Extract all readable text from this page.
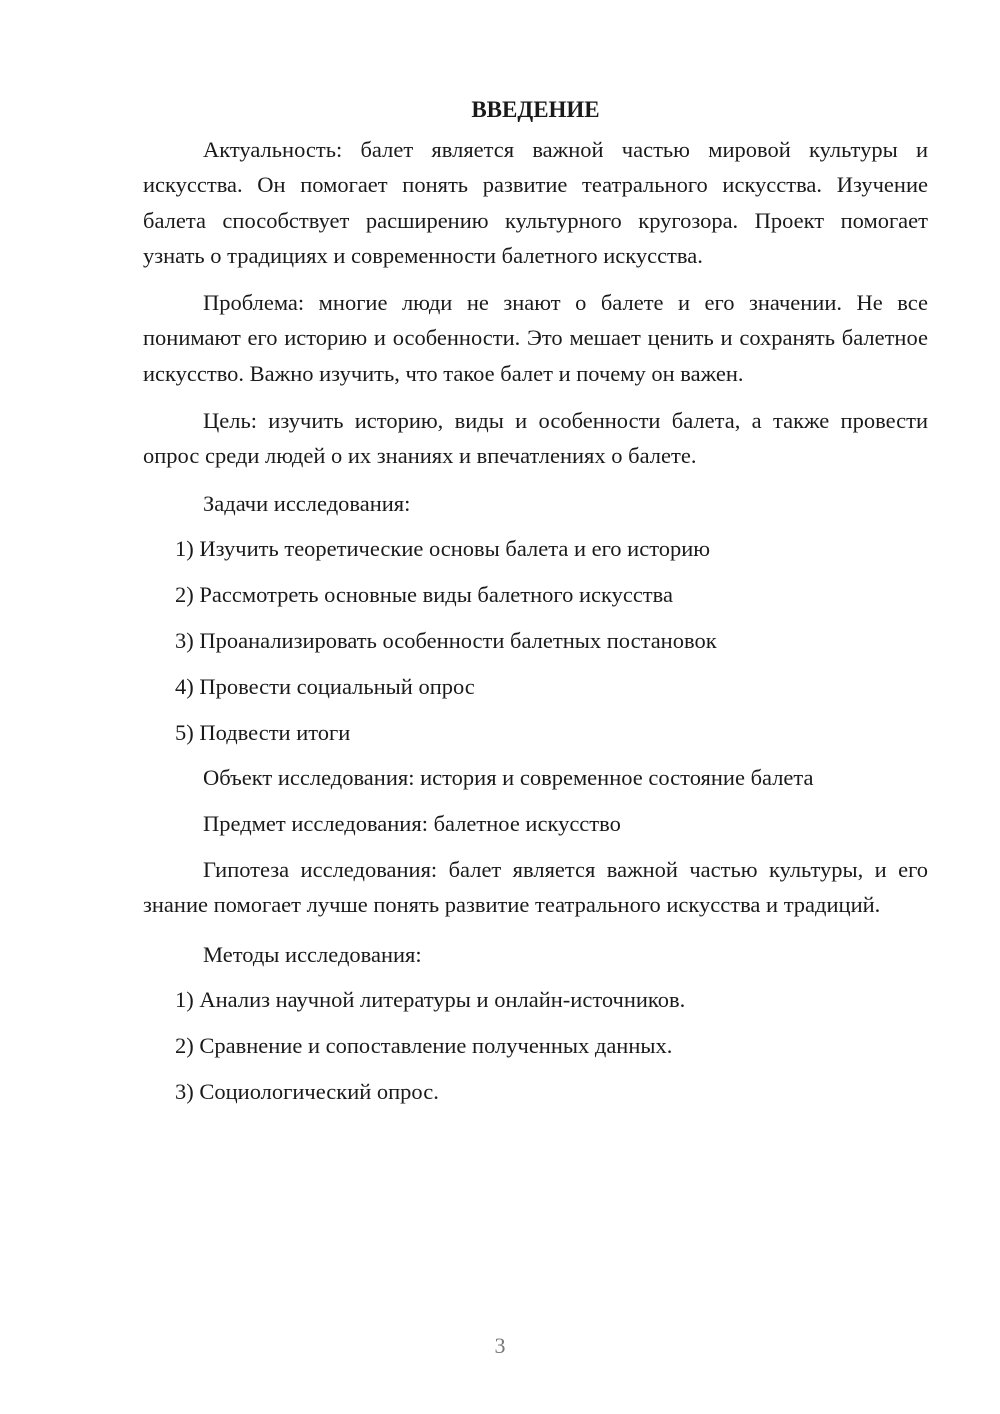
ВВЕДЕНИЕ

Актуальность: балет является важной частью мировой культуры и искусства. Он помогает понять развитие театрального искусства. Изучение балета способствует расширению культурного кругозора. Проект помогает узнать о традициях и современности балетного искусства.

Проблема: многие люди не знают о балете и его значении. Не все понимают его историю и особенности. Это мешает ценить и сохранять балетное искусство. Важно изучить, что такое балет и почему он важен.

Цель: изучить историю, виды и особенности балета, а также провести опрос среди людей о их знаниях и впечатлениях о балете.

Задачи исследования:

1) Изучить теоретические основы балета и его историю

2) Рассмотреть основные виды балетного искусства

3) Проанализировать особенности балетных постановок

4) Провести социальный опрос

5) Подвести итоги

Объект исследования: история и современное состояние балета

Предмет исследования: балетное искусство

Гипотеза исследования: балет является важной частью культуры, и его знание помогает лучше понять развитие театрального искусства и традиций.

Методы исследования:

1) Анализ научной литературы и онлайн-источников.

2) Сравнение и сопоставление полученных данных.

3) Социологический опрос.

3
